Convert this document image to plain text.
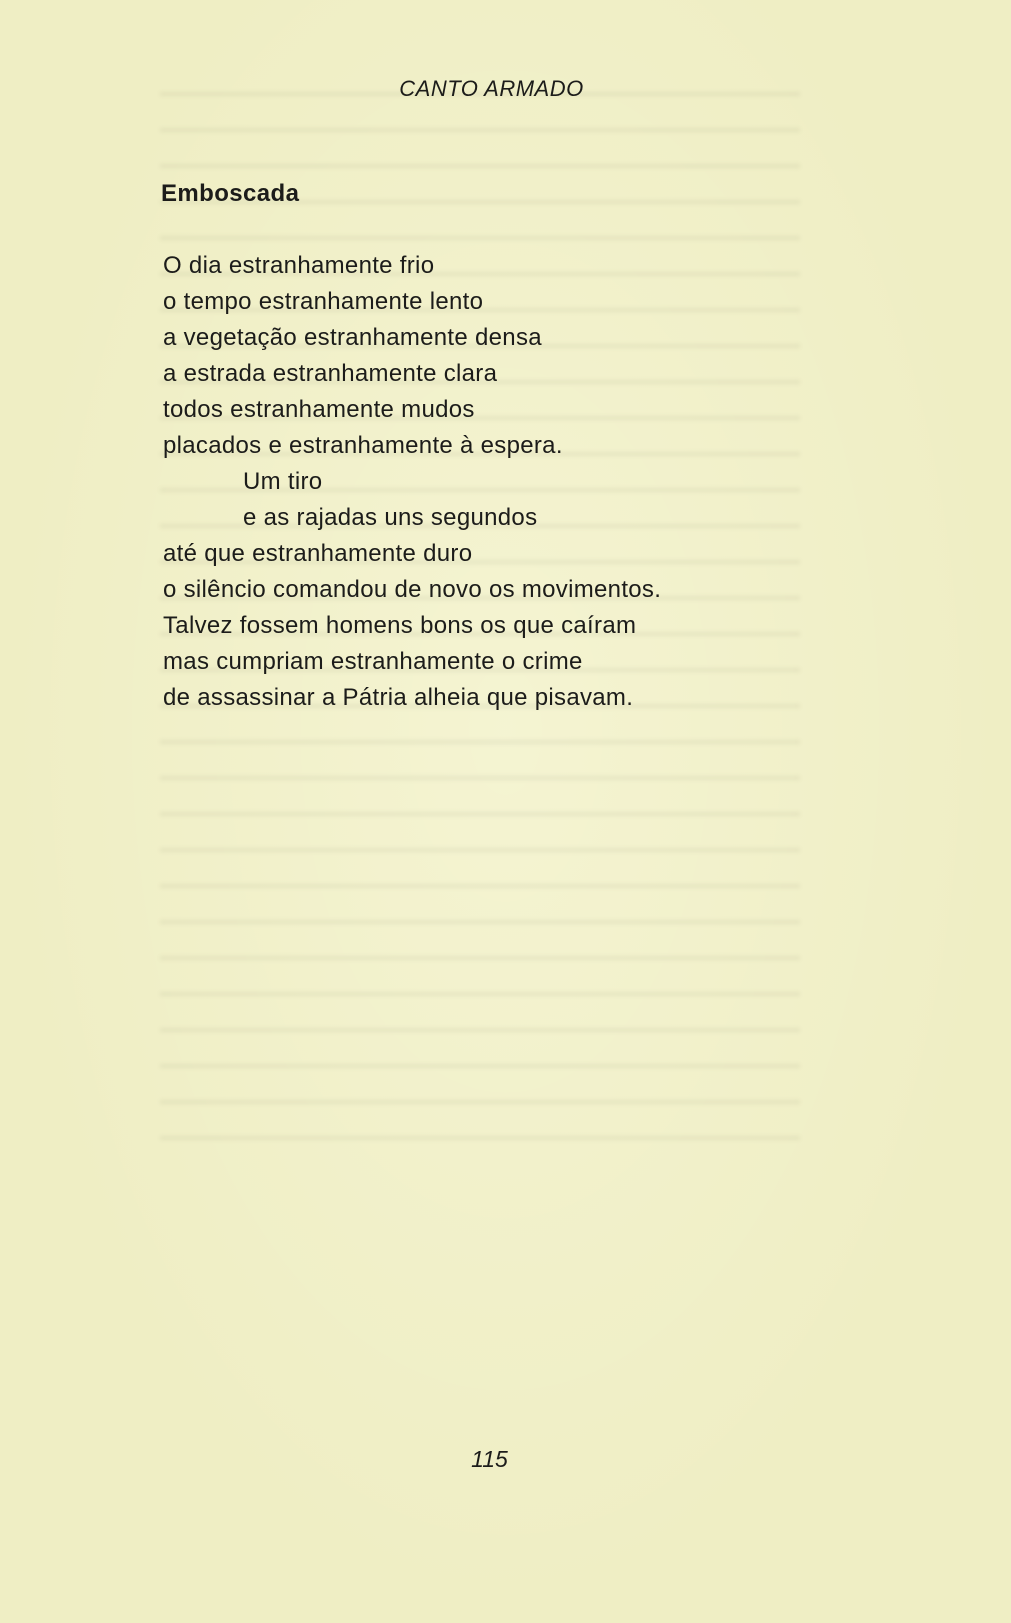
CANTO ARMADO
Emboscada
O dia estranhamente frio
o tempo estranhamente lento
a vegetação estranhamente densa
a estrada estranhamente clara
todos estranhamente mudos
placados e estranhamente à espera.
Um tiro
e as rajadas uns segundos
até que estranhamente duro
o silêncio comandou de novo os movimentos.
Talvez fossem homens bons os que caíram
mas cumpriam estranhamente o crime
de assassinar a Pátria alheia que pisavam.
115
